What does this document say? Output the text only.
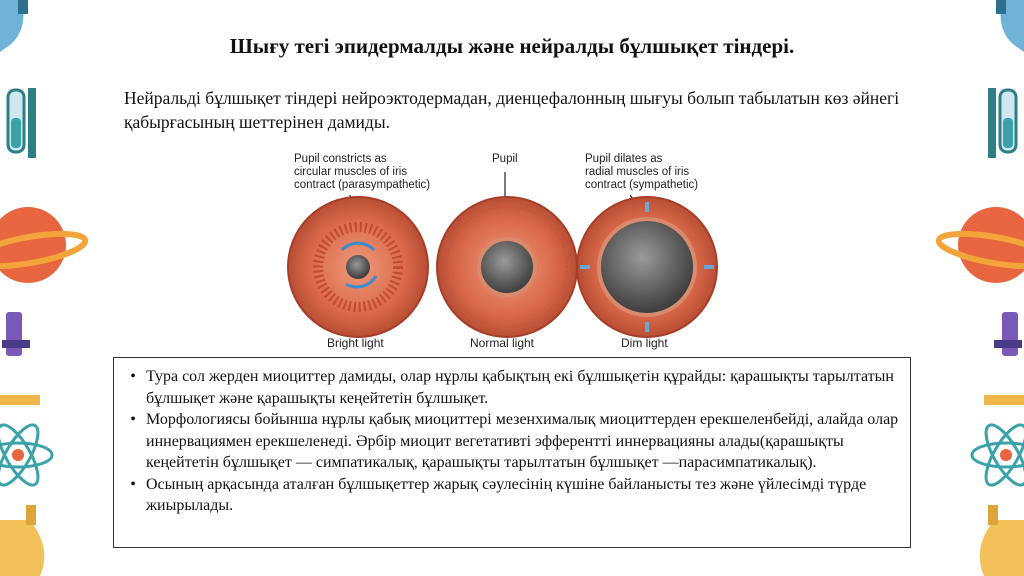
Шығу тегі эпидермалды және нейралды бұлшықет тіндері.
Нейральді бұлшықет тіндері нейроэктодермадан, диенцефалонның шығуы болып табылатын көз әйнегі қабырғасының шеттерінен дамиды.
Pupil constricts as
circular muscles of iris
contract (parasympathetic)
Pupil	Pupil dilates as
radial muscles of iris
contract (sympathetic)
Bright light	Normal light	Dim light
• Тура сол жерден миоциттер дамиды, олар нұрлы қабықтың екі бұлшықетін құрайды: қарашықты тарылтатын бұлшықет және қарашықты кеңейтетін бұлшықет.
• Морфологиясы бойынша нұрлы қабық миоциттері мезенхималық миоциттерден ерекшеленбейді, алайда олар иннервациямен ерекшеленеді. Әрбір миоцит вегетативті эфферентті иннервацияны алады(қарашықты кеңейтетін бұлшықет — симпатикалық, қарашықты тарылтатын бұлшықет —парасимпатикалық).
• Осының арқасында аталған бұлшықеттер жарық сәулесінің күшіне байланысты тез және үйлесімді түрде жиырылады.
